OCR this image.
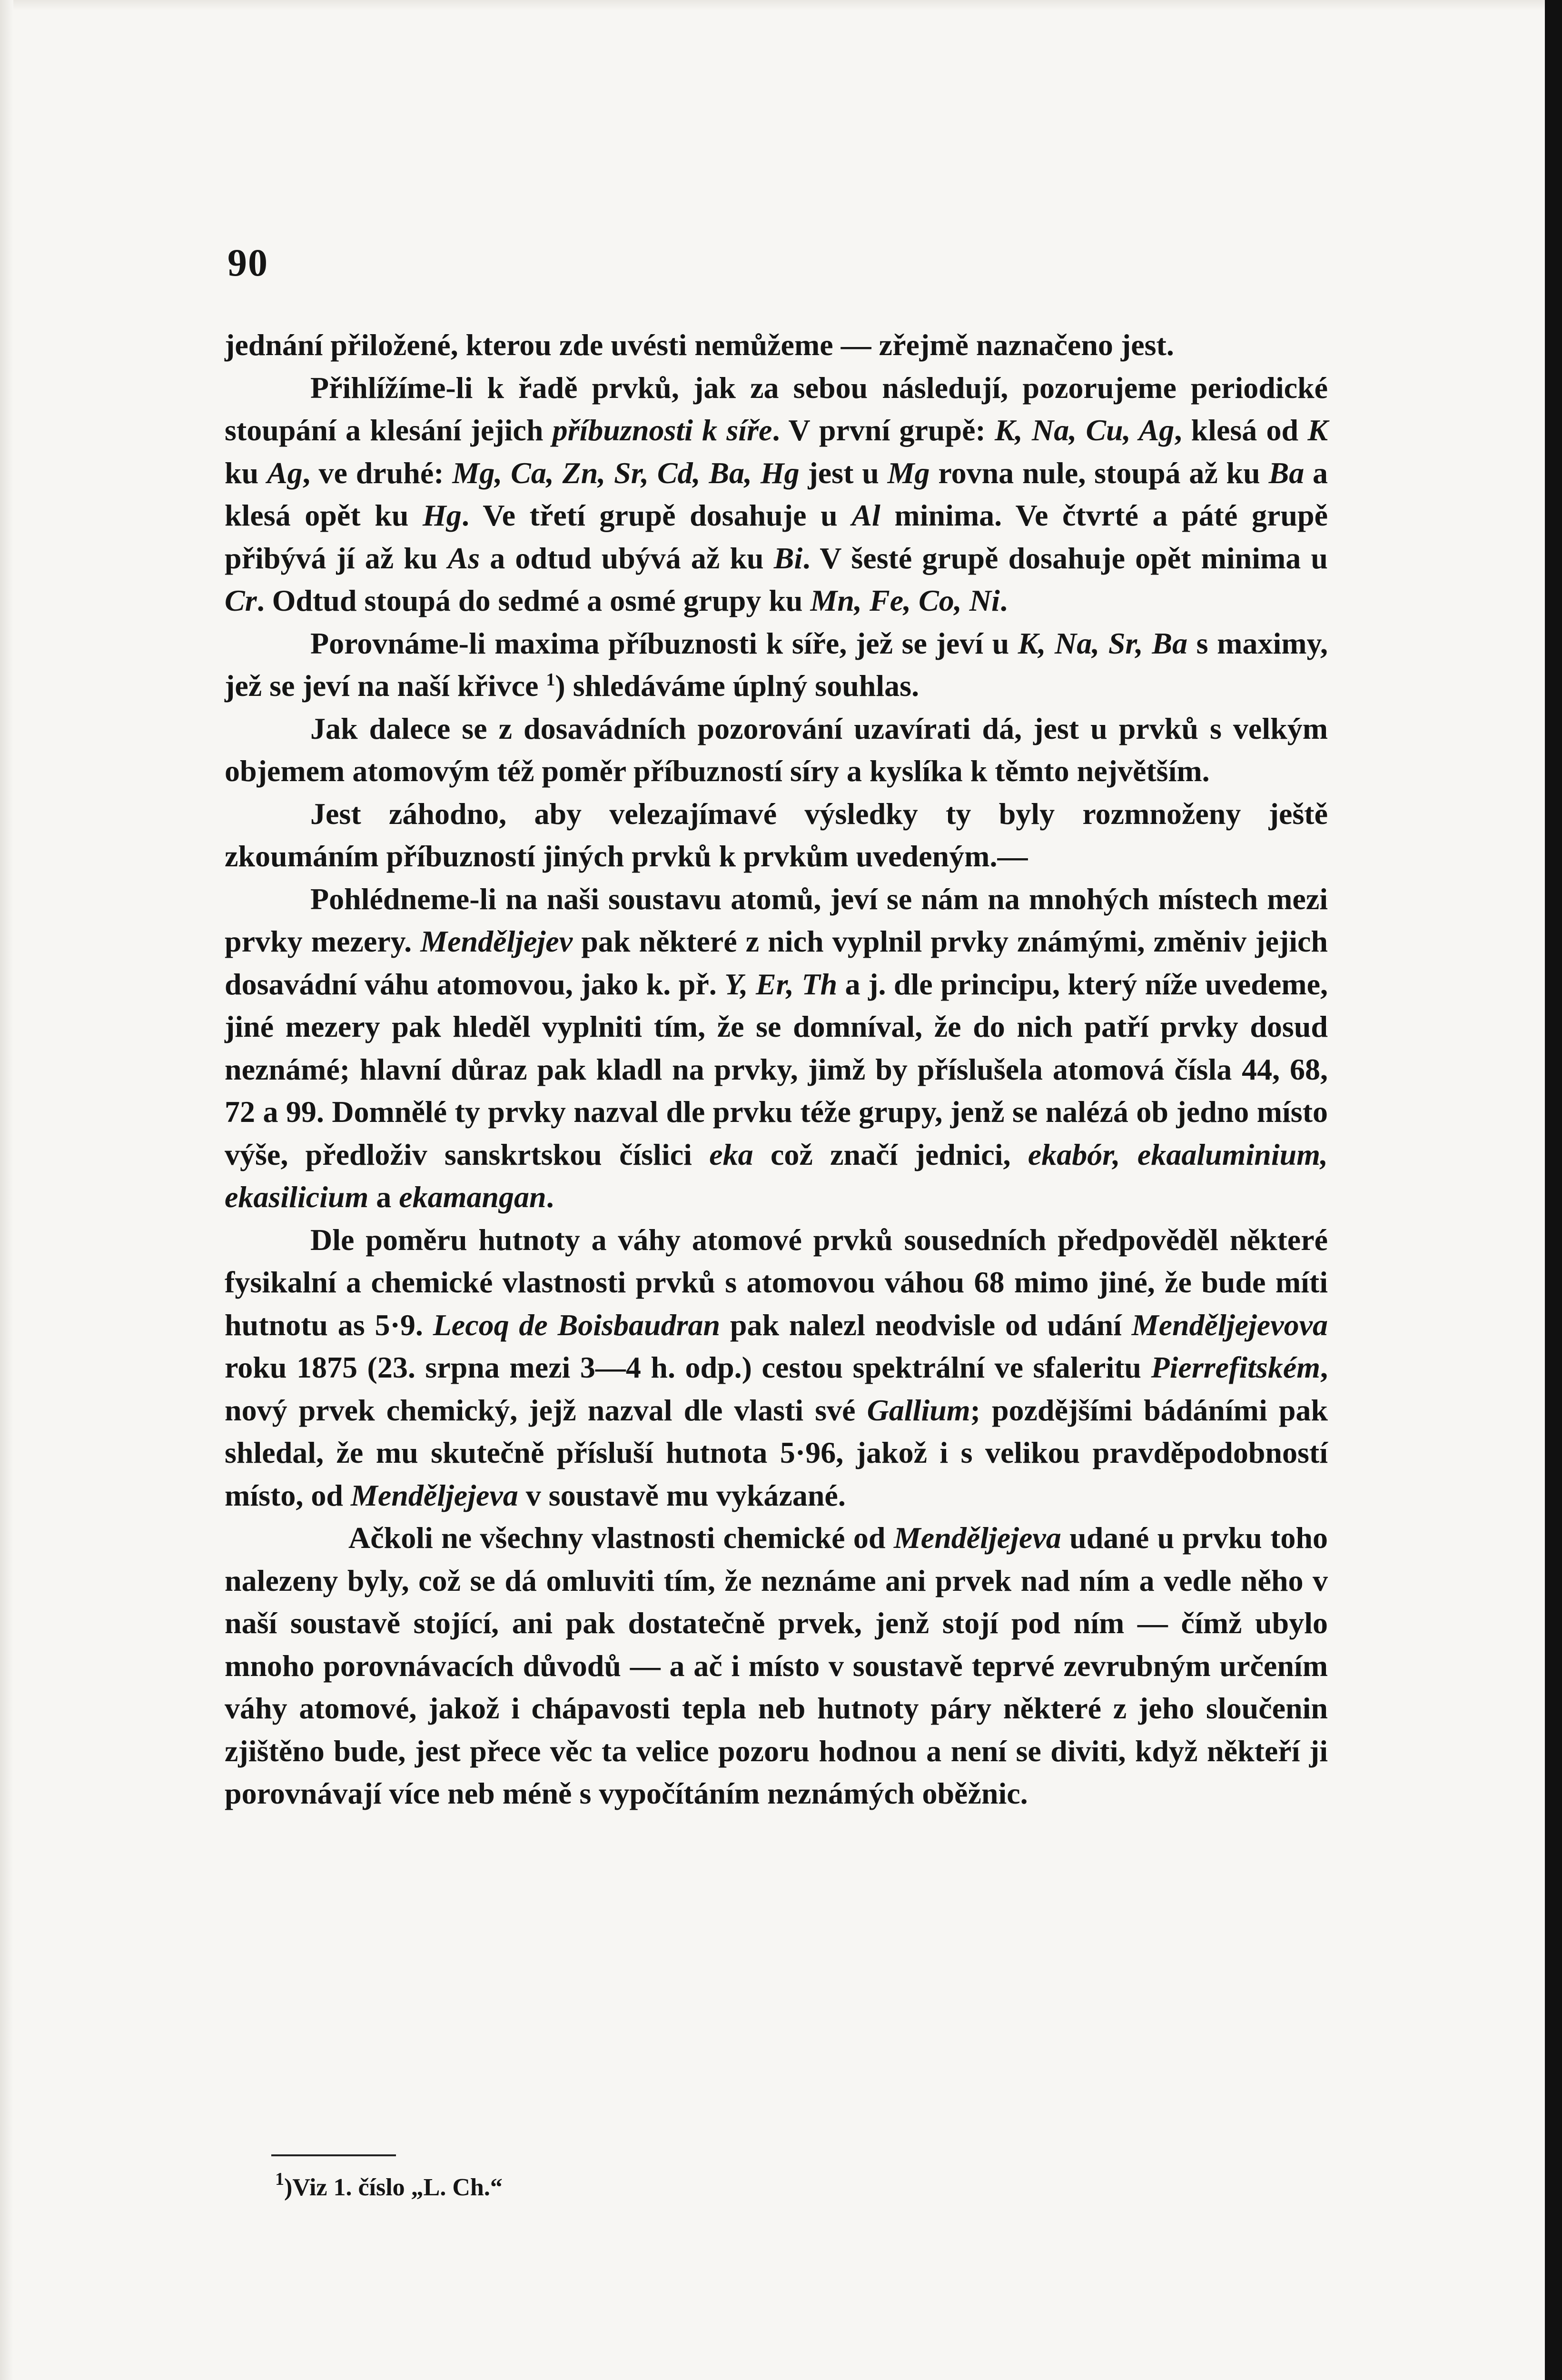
90

jednání přiložené, kterou zde uvésti nemůžeme — zřejmě naznačeno jest.

Přihlížíme-li k řadě prvků, jak za sebou následují, pozorujeme periodické stoupání a klesání jejich příbuznosti k síře. V první grupě: K, Na, Cu, Ag, klesá od K ku Ag, ve druhé: Mg, Ca, Zn, Sr, Cd, Ba, Hg jest u Mg rovna nule, stoupá až ku Ba a klesá opět ku Hg. Ve třetí grupě dosahuje u Al minima. Ve čtvrté a páté grupě přibývá jí až ku As a odtud ubývá až ku Bi. V šesté grupě dosahuje opět minima u Cr. Odtud stoupá do sedmé a osmé grupy ku Mn, Fe, Co, Ni.

Porovnáme-li maxima příbuznosti k síře, jež se jeví u K, Na, Sr, Ba s maximy, jež se jeví na naší křivce $^1$) shledáváme úplný souhlas.

Jak dalece se z dosavádních pozorování uzavírati dá, jest u prvků s velkým objemem atomovým též poměr příbuzností síry a kyslíka k těmto největším.

Jest záhodno, aby velezajímavé výsledky ty byly rozmnoženy ještě zkoumáním příbuzností jiných prvků k prvkům uvedeným.—

Pohlédneme-li na naši soustavu atomů, jeví se nám na mnohých místech mezi prvky mezery. Menděljejev pak některé z nich vyplnil prvky známými, změniv jejich dosavádní váhu atomovou, jako k. př. Y, Er, Th a j. dle principu, který níže uvedeme, jiné mezery pak hleděl vyplniti tím, že se domníval, že do nich patří prvky dosud neznámé; hlavní důraz pak kladl na prvky, jimž by příslušela atomová čísla 44, 68, 72 a 99. Domnělé ty prvky nazval dle prvku téže grupy, jenž se nalézá ob jedno místo výše, předloživ sanskrtskou číslici eka což značí jednici, ekabór, ekaaluminium, ekasilicium a ekamangan.

Dle poměru hutnoty a váhy atomové prvků sousedních předpověděl některé fysikalní a chemické vlastnosti prvků s atomovou váhou 68 mimo jiné, že bude míti hutnotu as 5·9. Lecoq de Boisbaudran pak nalezl neodvisle od udání Menděljejevova roku 1875 (23. srpna mezi 3—4 h. odp.) cestou spektrální ve sfaleritu Pierrefitském, nový prvek chemický, jejž nazval dle vlasti své Gallium; pozdějšími bádáními pak shledal, že mu skutečně přísluší hutnota 5·96, jakož i s velikou pravděpodobností místo, od Menděljejeva v soustavě mu vykázané.

Ačkoli ne všechny vlastnosti chemické od Menděljejeva udané u prvku toho nalezeny byly, což se dá omluviti tím, že neznáme ani prvek nad ním a vedle něho v naší soustavě stojící, ani pak dostatečně prvek, jenž stojí pod ním — čímž ubylo mnoho porovnávacích důvodů — a ač i místo v soustavě teprvé zevrubným určením váhy atomové, jakož i chápavosti tepla neb hutnoty páry některé z jeho sloučenin zjištěno bude, jest přece věc ta velice pozoru hodnou a není se diviti, když někteří ji porovnávají více neb méně s vypočítáním neznámých oběžnic.

$^1$)Viz 1. číslo „L. Ch.“
